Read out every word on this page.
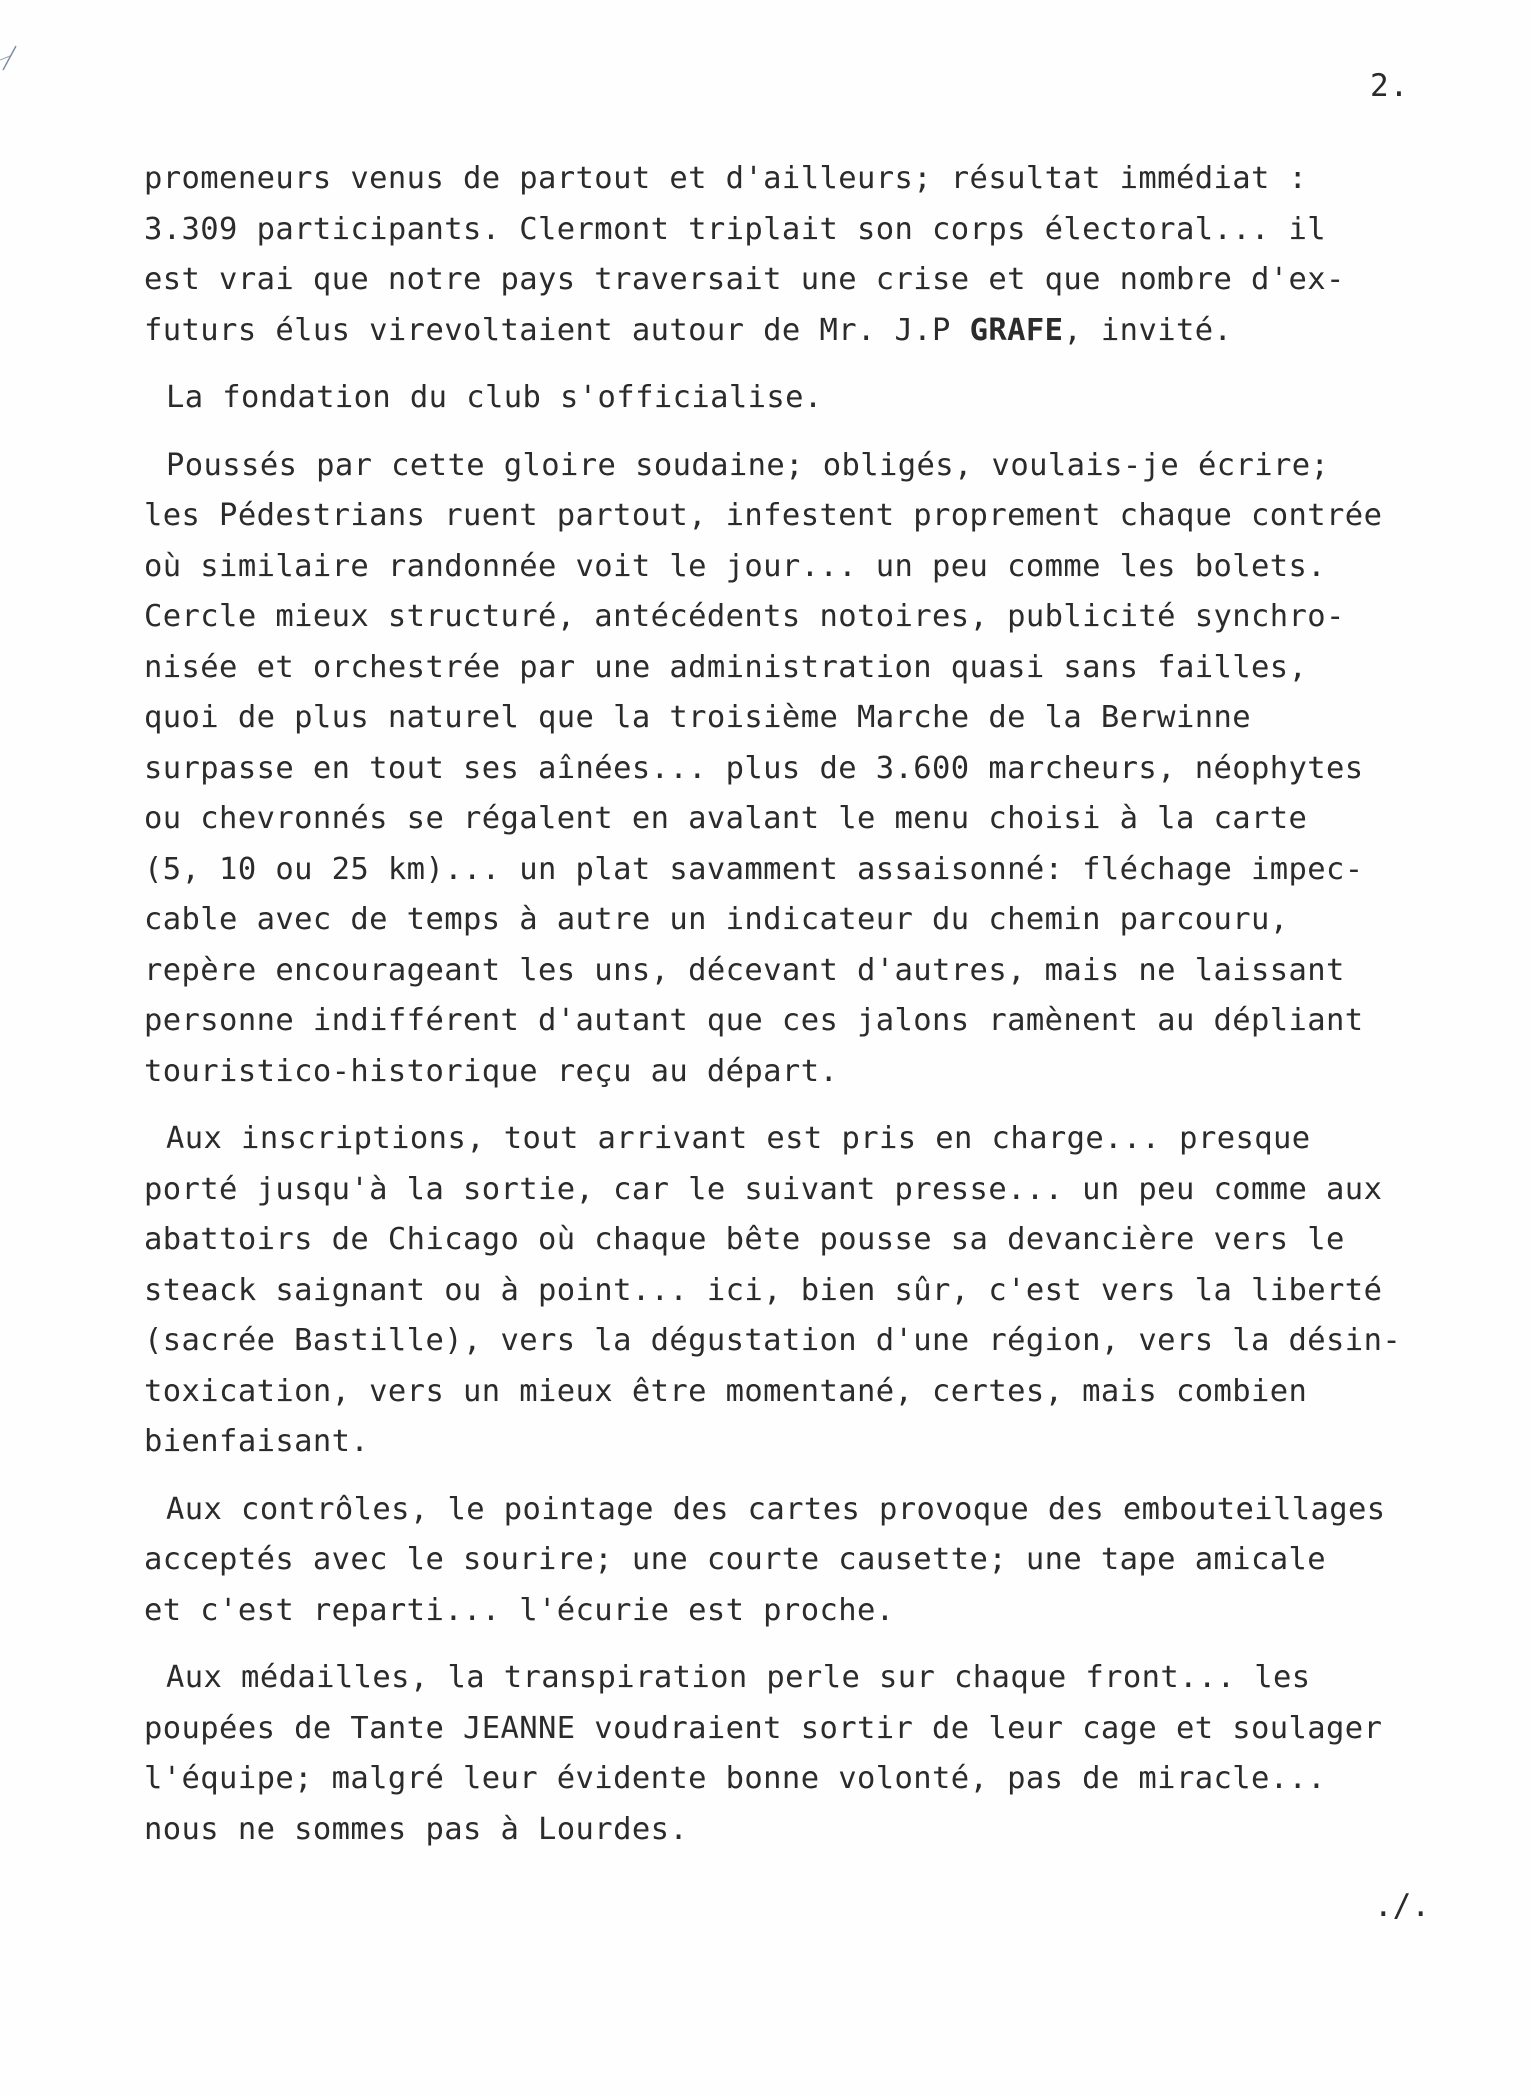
2.
promeneurs venus de partout et d'ailleurs; résultat immédiat :
3.309 participants. Clermont triplait son corps électoral... il
est vrai que notre pays traversait une crise et que nombre d'ex-
futurs élus virevoltaient autour de Mr. J.P GRAFE, invité.
La fondation du club s'officialise.
Poussés par cette gloire soudaine; obligés, voulais-je écrire;
les Pédestrians ruent partout, infestent proprement chaque contrée
où similaire randonnée voit le jour... un peu comme les bolets.
Cercle mieux structuré, antécédents notoires, publicité synchro-
nisée et orchestrée par une administration quasi sans failles,
quoi de plus naturel que la troisième Marche de la Berwinne
surpasse en tout ses aînées... plus de 3.600 marcheurs, néophytes
ou chevronnés se régalent en avalant le menu choisi à la carte
(5, 10 ou 25 km)... un plat savamment assaisonné: fléchage impec-
cable avec de temps à autre un indicateur du chemin parcouru,
repère encourageant les uns, décevant d'autres, mais ne laissant
personne indifférent d'autant que ces jalons ramènent au dépliant
touristico-historique reçu au départ.
Aux inscriptions, tout arrivant est pris en charge... presque
porté jusqu'à la sortie, car le suivant presse... un peu comme aux
abattoirs de Chicago où chaque bête pousse sa devancière vers le
steack saignant ou à point... ici, bien sûr, c'est vers la liberté
(sacrée Bastille), vers la dégustation d'une région, vers la désin-
toxication, vers un mieux être momentané, certes, mais combien
bienfaisant.
Aux contrôles, le pointage des cartes provoque des embouteillages
acceptés avec le sourire; une courte causette; une tape amicale
et c'est reparti... l'écurie est proche.
Aux médailles, la transpiration perle sur chaque front... les
poupées de Tante JEANNE voudraient sortir de leur cage et soulager
l'équipe; malgré leur évidente bonne volonté, pas de miracle...
nous ne sommes pas à Lourdes.
./.
